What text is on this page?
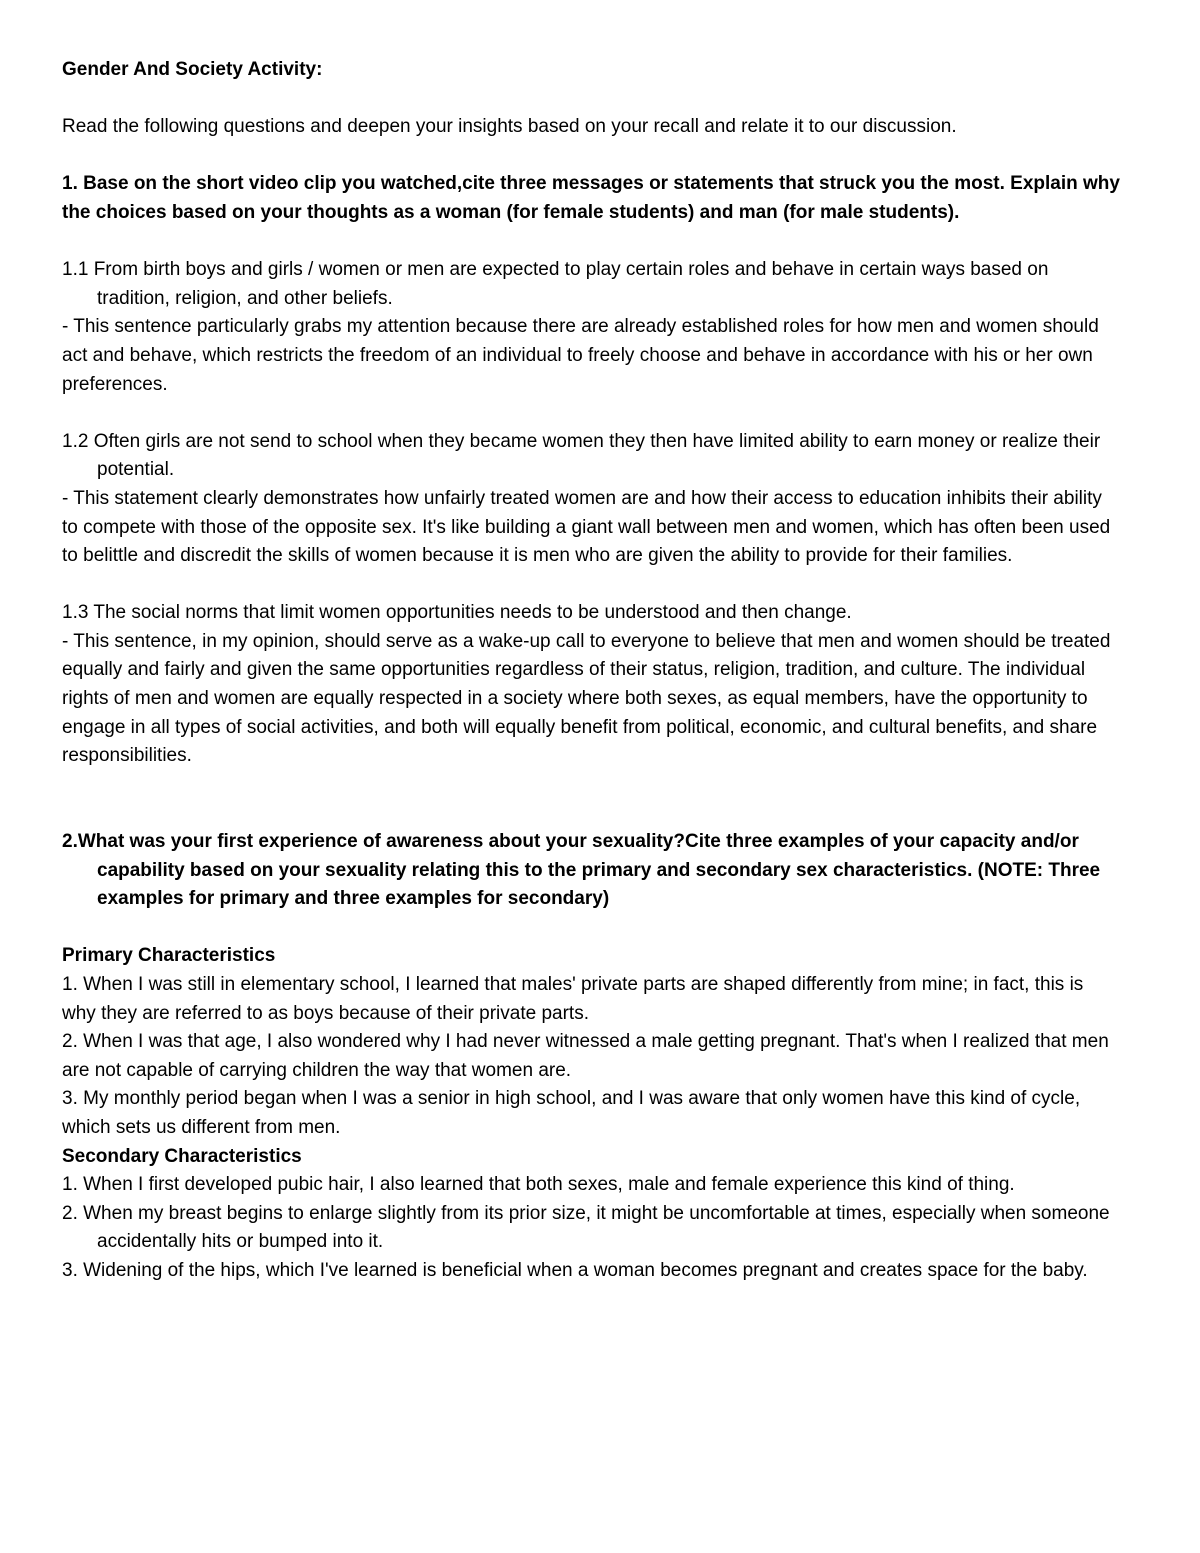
Gender And Society Activity:

Read the following questions and deepen your insights based on your recall and relate it to our discussion.

1. Base on the short video clip you watched,cite three messages or statements that struck you the most. Explain why the choices based on your thoughts as a woman (for female students) and man (for male students).

1.1 From birth boys and girls / women or men are expected to play certain roles and behave in certain ways based on tradition, religion, and other beliefs.

- This sentence particularly grabs my attention because there are already established roles for how men and women should act and behave, which restricts the freedom of an individual to freely choose and behave in accordance with his or her own preferences.

1.2 Often girls are not send to school when they became women they then have limited ability to earn money or realize their potential.

- This statement clearly demonstrates how unfairly treated women are and how their access to education inhibits their ability to compete with those of the opposite sex. It's like building a giant wall between men and women, which has often been used to belittle and discredit the skills of women because it is men who are given the ability to provide for their families.

1.3 The social norms that limit women opportunities needs to be understood and then change.

- This sentence, in my opinion, should serve as a wake-up call to everyone to believe that men and women should be treated equally and fairly and given the same opportunities regardless of their status, religion, tradition, and culture. The individual rights of men and women are equally respected in a society where both sexes, as equal members, have the opportunity to engage in all types of social activities, and both will equally benefit from political, economic, and cultural benefits, and share responsibilities.

2.What was your first experience of awareness about your sexuality?Cite three examples of your capacity and/or capability based on your sexuality relating this to the primary and secondary sex characteristics. (NOTE: Three examples for primary and three examples for secondary)

Primary Characteristics

1. When I was still in elementary school, I learned that males' private parts are shaped differently from mine; in fact, this is why they are referred to as boys because of their private parts.

2. When I was that age, I also wondered why I had never witnessed a male getting pregnant. That's when I realized that men are not capable of carrying children the way that women are.

3. My monthly period began when I was a senior in high school, and I was aware that only women have this kind of cycle, which sets us different from men.

Secondary Characteristics

1. When I first developed pubic hair, I also learned that both sexes, male and female experience this kind of thing.

2. When my breast begins to enlarge slightly from its prior size, it might be uncomfortable at times, especially when someone accidentally hits or bumped into it.

3. Widening of the hips, which I've learned is beneficial when a woman becomes pregnant and creates space for the baby.
